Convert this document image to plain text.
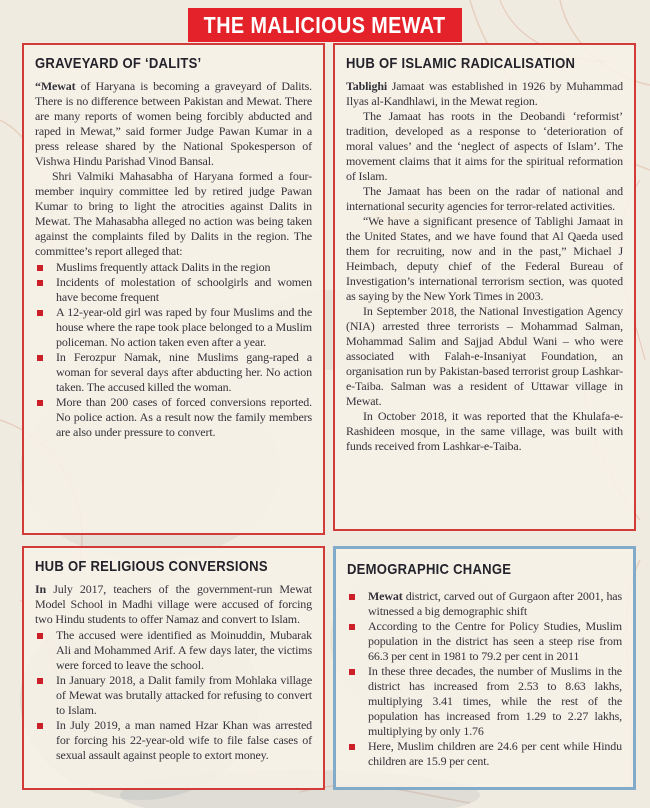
THE MALICIOUS MEWAT
GRAVEYARD OF ‘DALITS’

“Mewat of Haryana is becoming a graveyard of Dalits. There is no difference between Pakistan and Mewat. There are many reports of women being forcibly abducted and raped in Mewat,” said former Judge Pawan Kumar in a press release shared by the National Spokesperson of Vishwa Hindu Parishad Vinod Bansal.

Shri Valmiki Mahasabha of Haryana formed a four-member inquiry committee led by retired judge Pawan Kumar to bring to light the atrocities against Dalits in Mewat. The Mahasabha alleged no action was being taken against the complaints filed by Dalits in the region. The committee’s report alleged that:

Muslims frequently attack Dalits in the region
Incidents of molestation of schoolgirls and women have become frequent
A 12-year-old girl was raped by four Muslims and the house where the rape took place belonged to a Muslim policeman. No action taken even after a year.
In Ferozpur Namak, nine Muslims gang-raped a woman for several days after abducting her. No action taken. The accused killed the woman.
More than 200 cases of forced conversions reported. No police action. As a result now the family members are also under pressure to convert.
HUB OF ISLAMIC RADICALISATION

Tablighi Jamaat was established in 1926 by Muhammad Ilyas al-Kandhlawi, in the Mewat region.

The Jamaat has roots in the Deobandi ‘reformist’ tradition, developed as a response to ‘deterioration of moral values’ and the ‘neglect of aspects of Islam’. The movement claims that it aims for the spiritual reformation of Islam.

The Jamaat has been on the radar of national and international security agencies for terror-related activities.

“We have a significant presence of Tablighi Jamaat in the United States, and we have found that Al Qaeda used them for recruiting, now and in the past,” Michael J Heimbach, deputy chief of the Federal Bureau of Investigation’s international terrorism section, was quoted as saying by the New York Times in 2003.

In September 2018, the National Investigation Agency (NIA) arrested three terrorists – Mohammad Salman, Mohammad Salim and Sajjad Abdul Wani – who were associated with Falah-e-Insaniyat Foundation, an organisation run by Pakistan-based terrorist group Lashkar-e-Taiba. Salman was a resident of Uttawar village in Mewat.

In October 2018, it was reported that the Khulafa-e-Rashideen mosque, in the same village, was built with funds received from Lashkar-e-Taiba.

HUB OF RELIGIOUS CONVERSIONS

In July 2017, teachers of the government-run Mewat Model School in Madhi village were accused of forcing two Hindu students to offer Namaz and convert to Islam.

The accused were identified as Moinuddin, Mubarak Ali and Mohammed Arif. A few days later, the victims were forced to leave the school.
In January 2018, a Dalit family from Mohlaka village of Mewat was brutally attacked for refusing to convert to Islam.
In July 2019, a man named Hzar Khan was arrested for forcing his 22-year-old wife to file false cases of sexual assault against people to extort money.
DEMOGRAPHIC CHANGE
Mewat district, carved out of Gurgaon after 2001, has witnessed a big demographic shift
According to the Centre for Policy Studies, Muslim population in the district has seen a steep rise from 66.3 per cent in 1981 to 79.2 per cent in 2011
In these three decades, the number of Muslims in the district has increased from 2.53 to 8.63 lakhs, multiplying 3.41 times, while the rest of the population has increased from 1.29 to 2.27 lakhs, multiplying by only 1.76
Here, Muslim children are 24.6 per cent while Hindu children are 15.9 per cent.
